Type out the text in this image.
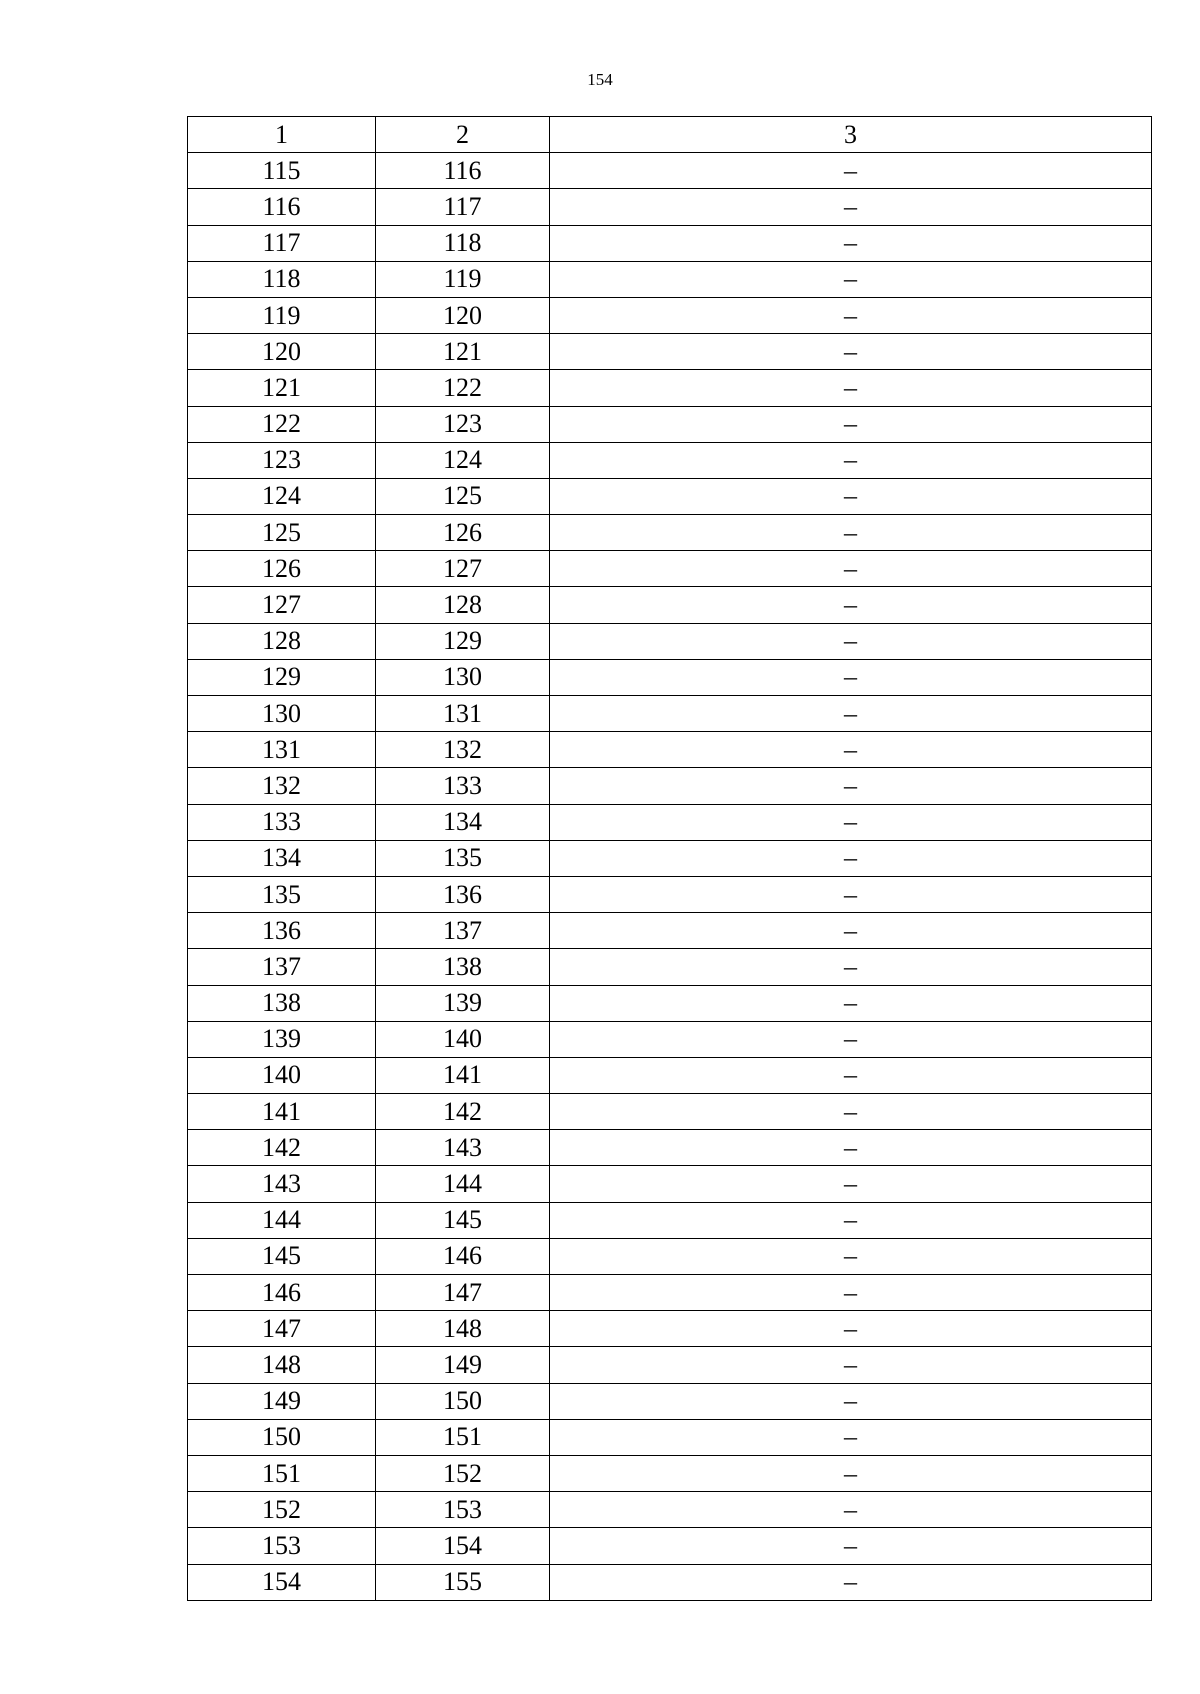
154
1	2	3
115	116	–
116	117	–
117	118	–
118	119	–
119	120	–
120	121	–
121	122	–
122	123	–
123	124	–
124	125	–
125	126	–
126	127	–
127	128	–
128	129	–
129	130	–
130	131	–
131	132	–
132	133	–
133	134	–
134	135	–
135	136	–
136	137	–
137	138	–
138	139	–
139	140	–
140	141	–
141	142	–
142	143	–
143	144	–
144	145	–
145	146	–
146	147	–
147	148	–
148	149	–
149	150	–
150	151	–
151	152	–
152	153	–
153	154	–
154	155	–
